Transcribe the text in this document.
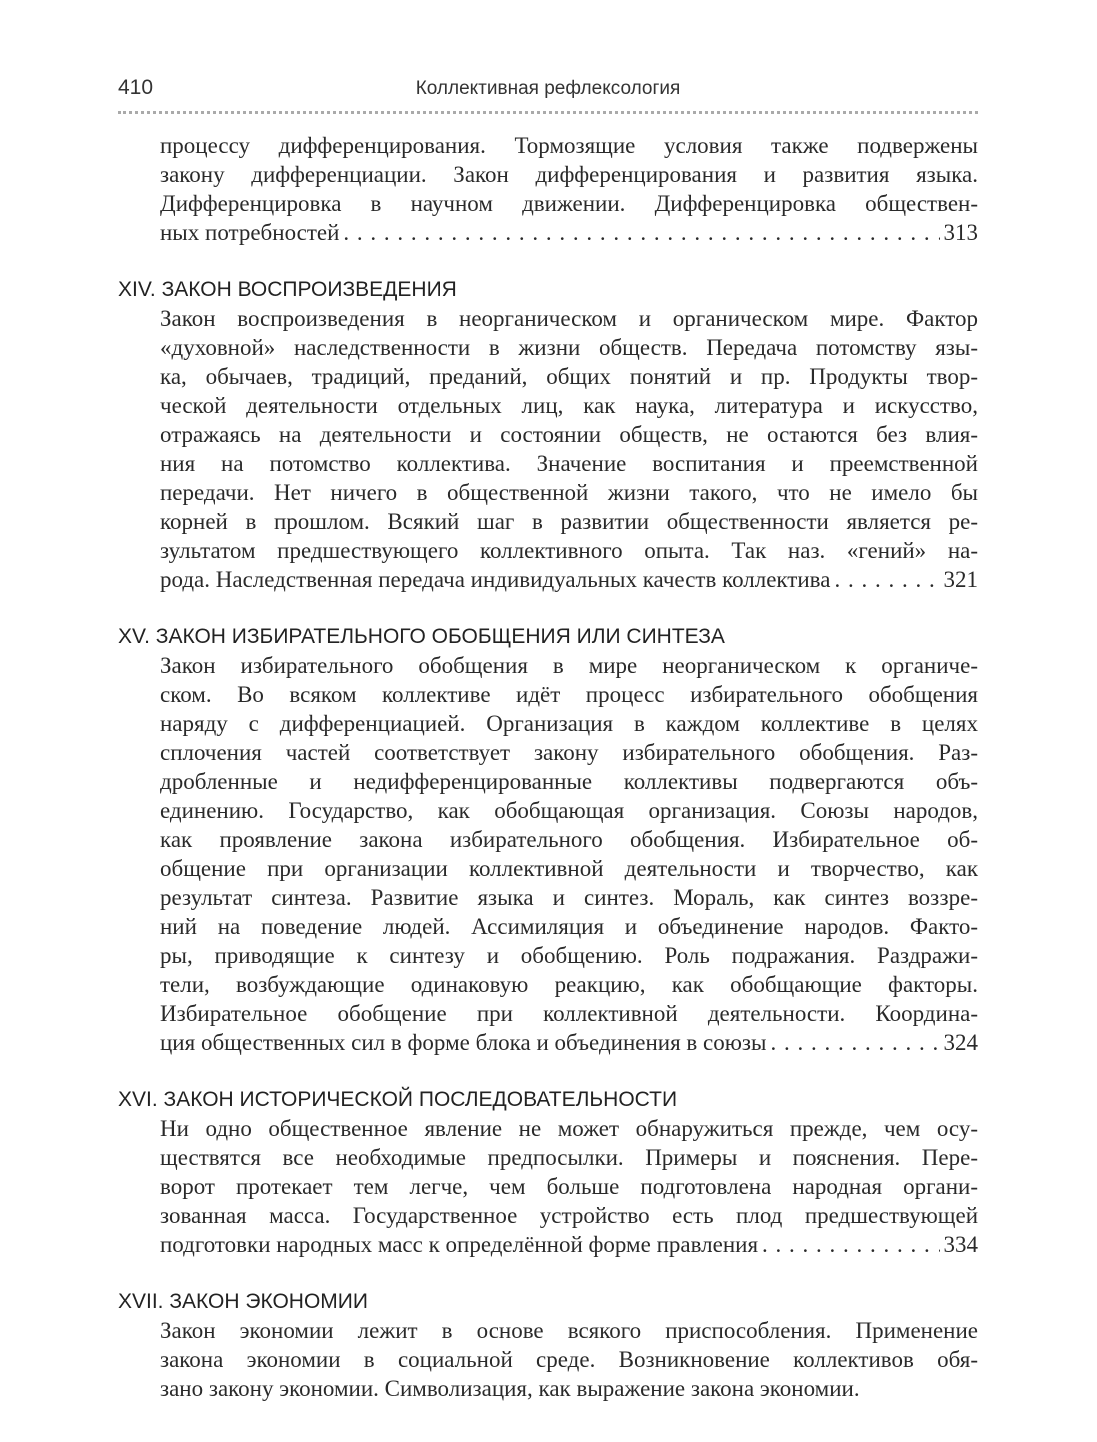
410	Коллективная рефлексология
процессу дифференцирования. Тормозящие условия также подвержены
закону дифференциации. Закон дифференцирования и развития языка.
Дифференцировка в научном движении. Дифференцировка обществен-
ных потребностей . . .	313
XIV. ЗАКОН ВОСПРОИЗВЕДЕНИЯ
Закон воспроизведения в неорганическом и органическом мире. Фактор
«духовной» наследственности в жизни обществ. Передача потомству язы-
ка, обычаев, традиций, преданий, общих понятий и пр. Продукты твор-
ческой деятельности отдельных лиц, как наука, литература и искусство,
отражаясь на деятельности и состоянии обществ, не остаются без влия-
ния на потомство коллектива. Значение воспитания и преемственной
передачи. Нет ничего в общественной жизни такого, что не имело бы
корней в прошлом. Всякий шаг в развитии общественности является ре-
зультатом предшествующего коллективного опыта. Так наз. «гений» на-
рода. Наследственная передача индивидуальных качеств коллектива . . .	321
XV. ЗАКОН ИЗБИРАТЕЛЬНОГО ОБОБЩЕНИЯ ИЛИ СИНТЕЗА
Закон избирательного обобщения в мире неорганическом к органиче-
ском. Во всяком коллективе идёт процесс избирательного обобщения
наряду с дифференциацией. Организация в каждом коллективе в целях
сплочения частей соответствует закону избирательного обобщения. Раз-
дробленные и недифференцированные коллективы подвергаются объ-
единению. Государство, как обобщающая организация. Союзы народов,
как проявление закона избирательного обобщения. Избирательное об-
общение при организации коллективной деятельности и творчество, как
результат синтеза. Развитие языка и синтез. Мораль, как синтез воззре-
ний на поведение людей. Ассимиляция и объединение народов. Факто-
ры, приводящие к синтезу и обобщению. Роль подражания. Раздражи-
тели, возбуждающие одинаковую реакцию, как обобщающие факторы.
Избирательное обобщение при коллективной деятельности. Координа-
ция общественных сил в форме блока и объединения в союзы . . .	324
XVI. ЗАКОН ИСТОРИЧЕСКОЙ ПОСЛЕДОВАТЕЛЬНОСТИ
Ни одно общественное явление не может обнаружиться прежде, чем осу-
ществятся все необходимые предпосылки. Примеры и пояснения. Пере-
ворот протекает тем легче, чем больше подготовлена народная органи-
зованная масса. Государственное устройство есть плод предшествующей
подготовки народных масс к определённой форме правления . . .	334
XVII. ЗАКОН ЭКОНОМИИ
Закон экономии лежит в основе всякого приспособления. Применение
закона экономии в социальной среде. Возникновение коллективов обя-
зано закону экономии. Символизация, как выражение закона экономии.
